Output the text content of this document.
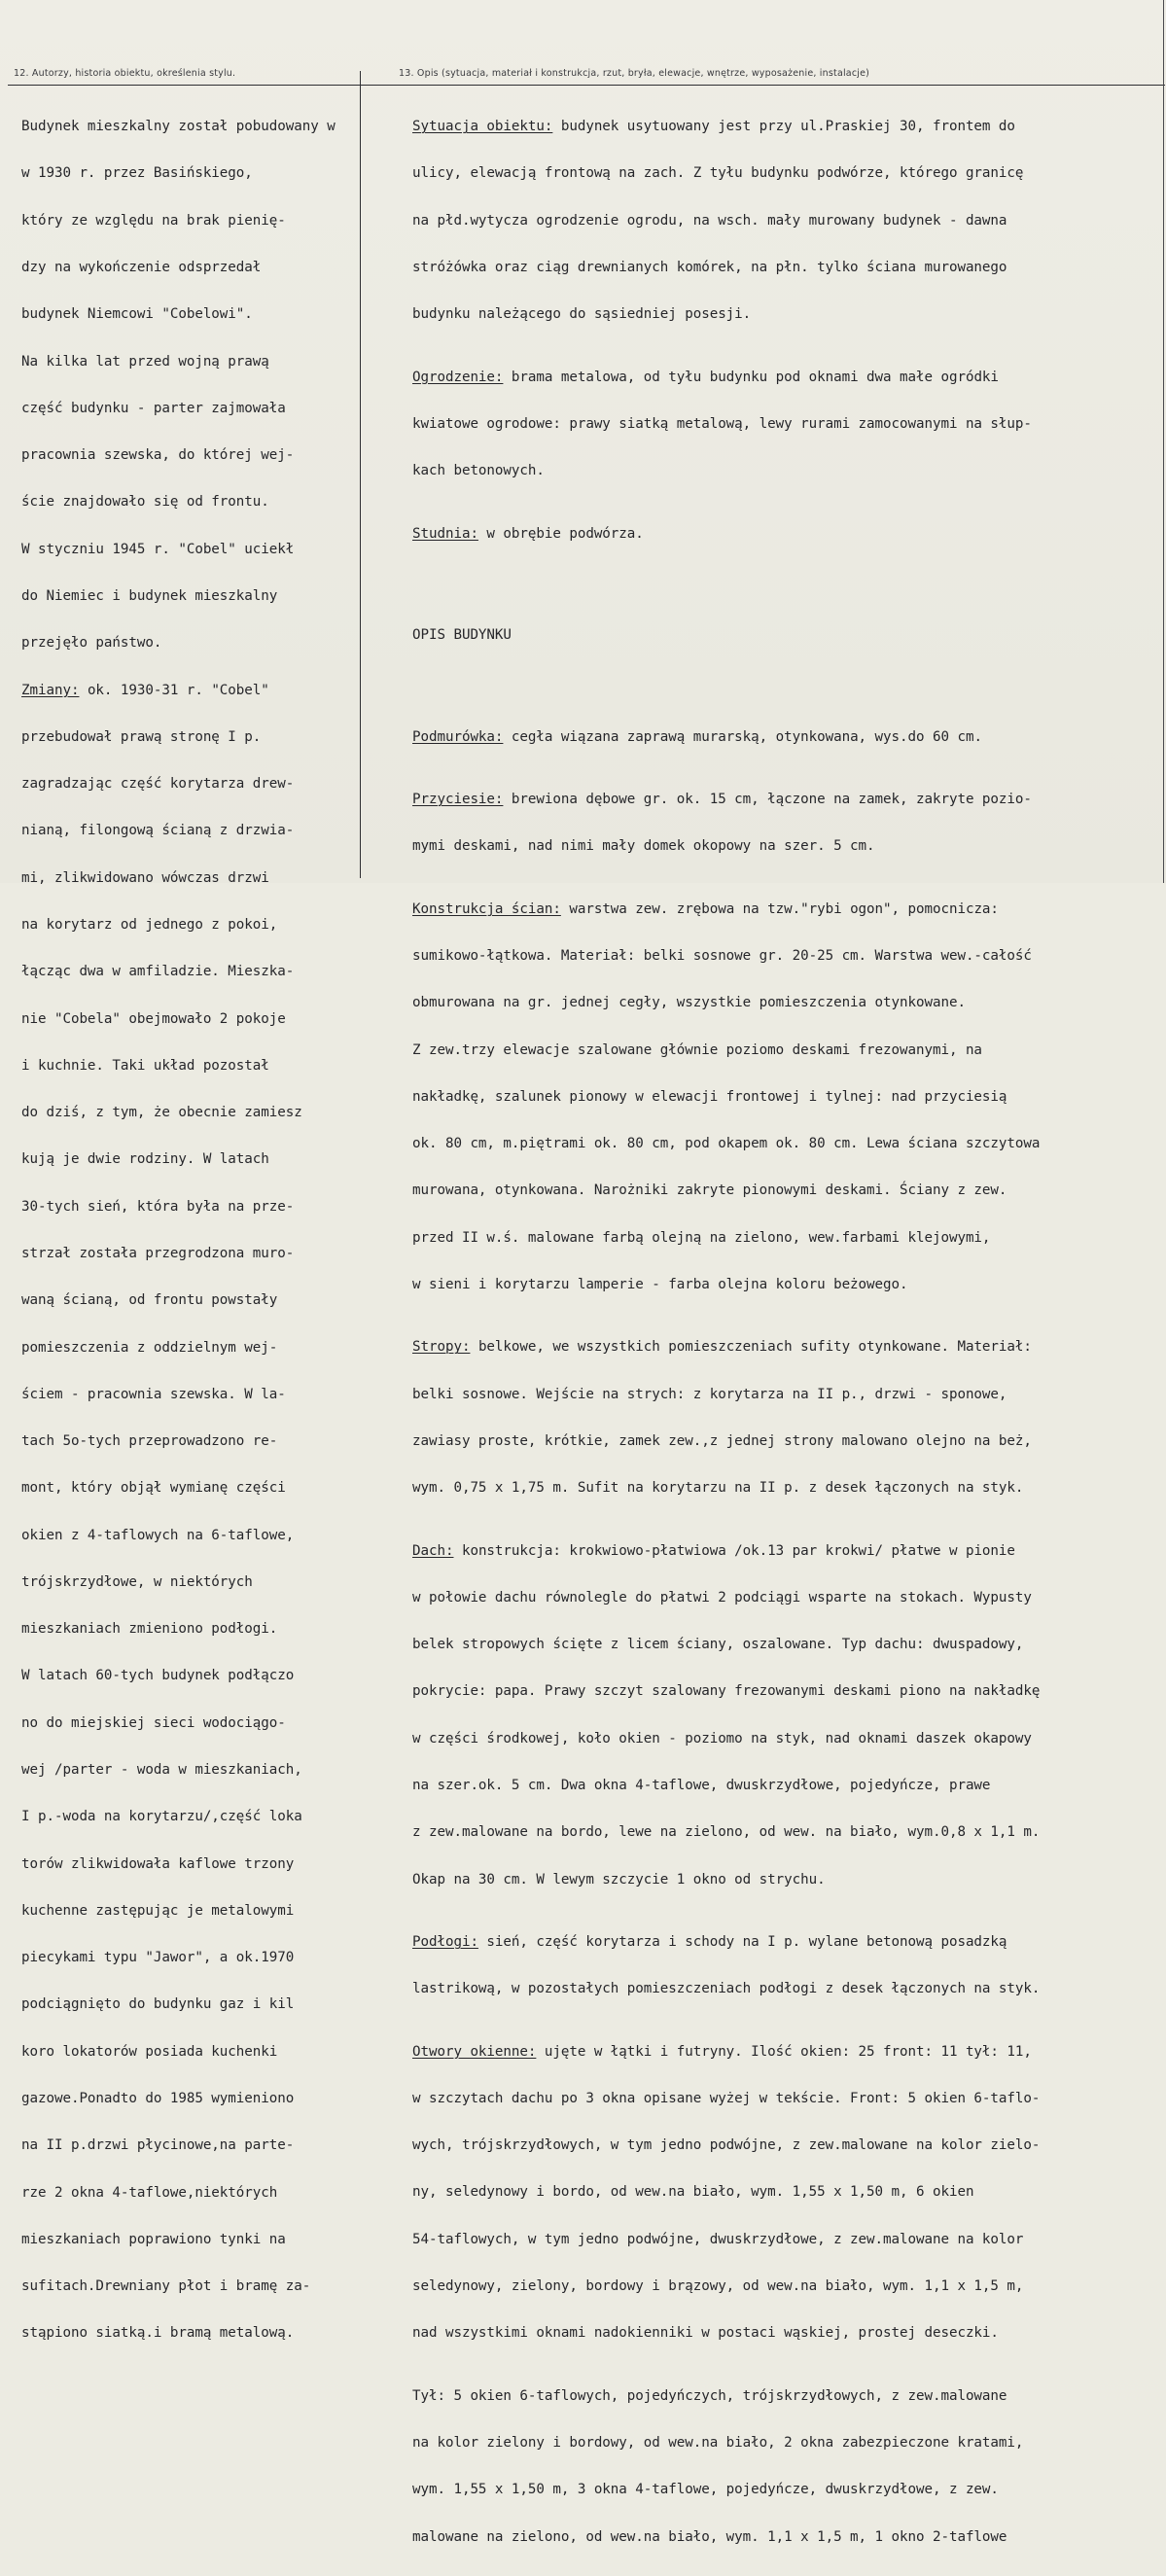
12. Autorzy, historia obiektu, określenia stylu.	13. Opis (sytuacja, materiał i konstrukcja, rzut, bryła, elewacje, wnętrze, wyposażenie, instalacje)

Budynek mieszkalny został pobudowany w

w 1930 r. przez Basińskiego,

który ze względu na brak pienię-

dzy na wykończenie odsprzedał

budynek Niemcowi "Cobelowi".

Na kilka lat przed wojną prawą

część budynku - parter zajmowała

pracownia szewska, do której wej-

ście znajdowało się od frontu.

W styczniu 1945 r. "Cobel" uciekł

do Niemiec i budynek mieszkalny

przejęło państwo.

Zmiany: ok. 1930-31 r. "Cobel"

przebudował prawą stronę I p.

zagradzając część korytarza drew-

nianą, filongową ścianą z drzwia-

mi, zlikwidowano wówczas drzwi

na korytarz od jednego z pokoi,

łącząc dwa w amfiladzie. Mieszka-

nie "Cobela" obejmowało 2 pokoje

i kuchnie. Taki układ pozostał

do dziś, z tym, że obecnie zamiesz

kują je dwie rodziny. W latach

30-tych sień, która była na prze-

strzał została przegrodzona muro-

waną ścianą, od frontu powstały

pomieszczenia z oddzielnym wej-

ściem - pracownia szewska. W la-

tach 5o-tych przeprowadzono re-

mont, który objął wymianę części

okien z 4-taflowych na 6-taflowe,

trójskrzydłowe, w niektórych

mieszkaniach zmieniono podłogi.

W latach 60-tych budynek podłączo

no do miejskiej sieci wodociągo-

wej /parter - woda w mieszkaniach,

I p.-woda na korytarzu/,część loka

torów zlikwidowała kaflowe trzony

kuchenne zastępując je metalowymi

piecykami typu "Jawor", a ok.1970

podciągnięto do budynku gaz i kil

koro lokatorów posiada kuchenki

gazowe.Ponadto do 1985 wymieniono

na II p.drzwi płycinowe,na parte-

rze 2 okna 4-taflowe,niektórych

mieszkaniach poprawiono tynki na

sufitach.Drewniany płot i bramę za-

stąpiono siatką.i bramą metalową.

Sytuacja obiektu: budynek usytuowany jest przy ul.Praskiej 30, frontem do

ulicy, elewacją frontową na zach. Z tyłu budynku podwórze, którego granicę

na płd.wytycza ogrodzenie ogrodu, na wsch. mały murowany budynek - dawna

stróżówka oraz ciąg drewnianych komórek, na płn. tylko ściana murowanego

budynku należącego do sąsiedniej posesji.

Ogrodzenie: brama metalowa, od tyłu budynku pod oknami dwa małe ogródki

kwiatowe ogrodowe: prawy siatką metalową, lewy rurami zamocowanymi na słup-

kach betonowych.

Studnia: w obrębie podwórza.

OPIS BUDYNKU

Podmurówka: cegła wiązana zaprawą murarską, otynkowana, wys.do 60 cm.

Przyciesie: brewiona dębowe gr. ok. 15 cm, łączone na zamek, zakryte pozio-

mymi deskami, nad nimi mały domek okopowy na szer. 5 cm.

Konstrukcja ścian: warstwa zew. zrębowa na tzw."rybi ogon", pomocnicza:

sumikowo-łątkowa. Materiał: belki sosnowe gr. 20-25 cm. Warstwa wew.-całość

obmurowana na gr. jednej cegły, wszystkie pomieszczenia otynkowane.

Z zew.trzy elewacje szalowane głównie poziomo deskami frezowanymi, na

nakładkę, szalunek pionowy w elewacji frontowej i tylnej: nad przyciesią

ok. 80 cm, m.piętrami ok. 80 cm, pod okapem ok. 80 cm. Lewa ściana szczytowa

murowana, otynkowana. Narożniki zakryte pionowymi deskami. Ściany z zew.

przed II w.ś. malowane farbą olejną na zielono, wew.farbami klejowymi,

w sieni i korytarzu lamperie - farba olejna koloru beżowego.

Stropy: belkowe, we wszystkich pomieszczeniach sufity otynkowane. Materiał:

belki sosnowe. Wejście na strych: z korytarza na II p., drzwi - sponowe,

zawiasy proste, krótkie, zamek zew.,z jednej strony malowano olejno na beż,

wym. 0,75 x 1,75 m. Sufit na korytarzu na II p. z desek łączonych na styk.

Dach: konstrukcja: krokwiowo-płatwiowa /ok.13 par krokwi/ płatwe w pionie

w połowie dachu równolegle do płatwi 2 podciągi wsparte na stokach. Wypusty

belek stropowych ścięte z licem ściany, oszalowane. Typ dachu: dwuspadowy,

pokrycie: papa. Prawy szczyt szalowany frezowanymi deskami piono na nakładkę

w części środkowej, koło okien - poziomo na styk, nad oknami daszek okapowy

na szer.ok. 5 cm. Dwa okna 4-taflowe, dwuskrzydłowe, pojedyńcze, prawe

z zew.malowane na bordo, lewe na zielono, od wew. na biało, wym.0,8 x 1,1 m.

Okap na 30 cm. W lewym szczycie 1 okno od strychu.

Podłogi: sień, część korytarza i schody na I p. wylane betonową posadzką

lastrikową, w pozostałych pomieszczeniach podłogi z desek łączonych na styk.

Otwory okienne: ujęte w łątki i futryny. Ilość okien: 25 front: 11 tył: 11,

w szczytach dachu po 3 okna opisane wyżej w tekście. Front: 5 okien 6-taflo-

wych, trójskrzydłowych, w tym jedno podwójne, z zew.malowane na kolor zielo-

ny, seledynowy i bordo, od wew.na biało, wym. 1,55 x 1,50 m, 6 okien

54-taflowych, w tym jedno podwójne, dwuskrzydłowe, z zew.malowane na kolor

seledynowy, zielony, bordowy i brązowy, od wew.na biało, wym. 1,1 x 1,5 m,

nad wszystkimi oknami nadokienniki w postaci wąskiej, prostej deseczki.

Tył: 5 okien 6-taflowych, pojedyńczych, trójskrzydłowych, z zew.malowane

na kolor zielony i bordowy, od wew.na biało, 2 okna zabezpieczone kratami,

wym. 1,55 x 1,50 m, 3 okna 4-taflowe, pojedyńcze, dwuskrzydłowe, z zew.

malowane na zielono, od wew.na biało, wym. 1,1 x 1,5 m, 1 okno 2-taflowe
